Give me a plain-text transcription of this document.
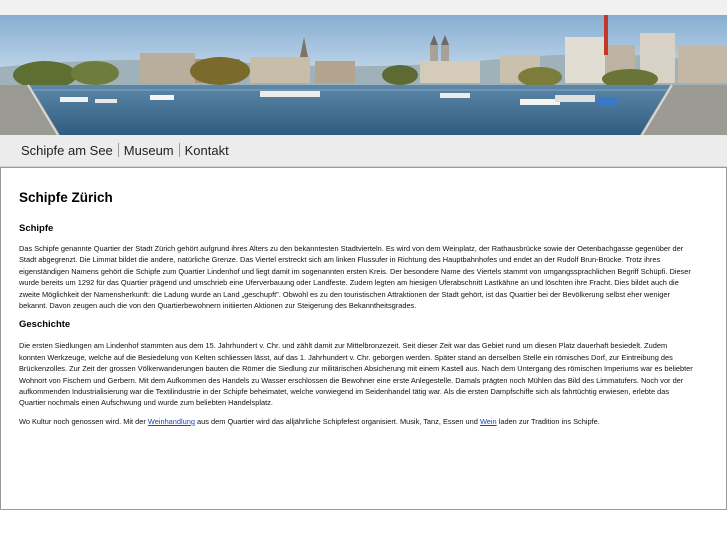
Schipfe am See Museum Kontakt
Schipfe Zürich
Schipfe

Das Schipfe genannte Quartier der Stadt Zürich gehört aufgrund ihres Alters zu den bekanntesten Stadtvierteln. Es wird von dem Weinplatz, der Rathausbrücke sowie der Oetenbachgasse gegenüber der Stadt abgegrenzt. Die Limmat bildet die andere, natürliche Grenze. Das Viertel erstreckt sich am linken Flussufer in Richtung des Hauptbahnhofes und endet an der Rudolf Brun-Brücke. Trotz ihres eigenständigen Namens gehört die Schipfe zum Quartier Lindenhof und liegt damit im sogenannten ersten Kreis. Der besondere Name des Viertels stammt von umgangssprachlichen Begriff Schüpfi. Dieser wurde bereits um 1292 für das Quartier prägend und umschrieb eine Uferverbauung oder Landfeste. Zudem legten am hiesigen Uferabschnitt Lastkähne an und löschten ihre Fracht. Dies bildet auch die zweite Möglichkeit der Namensherkunft: die Ladung wurde an Land „geschupft". Obwohl es zu den touristischen Attraktionen der Stadt gehört, ist das Quartier bei der Bevölkerung selbst eher weniger bekannt. Davon zeugen auch die von den Quartierbewohnern initiierten Aktionen zur Steigerung des Bekanntheitsgrades.

Geschichte

Die ersten Siedlungen am Lindenhof stammten aus dem 15. Jahrhundert v. Chr. und zählt damit zur Mittelbronzezeit. Seit dieser Zeit war das Gebiet rund um diesen Platz dauerhaft besiedelt. Zudem konnten Werkzeuge, welche auf die Besiedelung von Kelten schliessen lässt, auf das 1. Jahrhundert v. Chr. geborgen werden. Später stand an derselben Stelle ein römisches Dorf, zur Eintreibung des Brückenzolles. Zur Zeit der grossen Völkerwanderungen bauten die Römer die Siedlung zur militärischen Absicherung mit einem Kastell aus. Nach dem Untergang des römischen Imperiums war es beliebter Wohnort von Fischern und Gerbern. Mit dem Aufkommen des Handels zu Wasser erschlossen die Bewohner eine erste Anlegestelle. Damals prägten noch Mühlen das Bild des Limmatufers. Noch vor der aufkommenden Industrialisierung war die Textilindustrie in der Schipfe beheimatet, welche vorwiegend im Seidenhandel tätig war. Als die ersten Dampfschiffe sich als fahrtüchtig erwiesen, erlebte das Quartier nochmals einen Aufschwung und wurde zum beliebten Handelsplatz.

Wo Kultur noch genossen wird. Mit der Weinhandlung aus dem Quartier wird das alljährliche Schipfefest organisiert. Musik, Tanz, Essen und Wein laden zur Tradition ins Schipfe.
